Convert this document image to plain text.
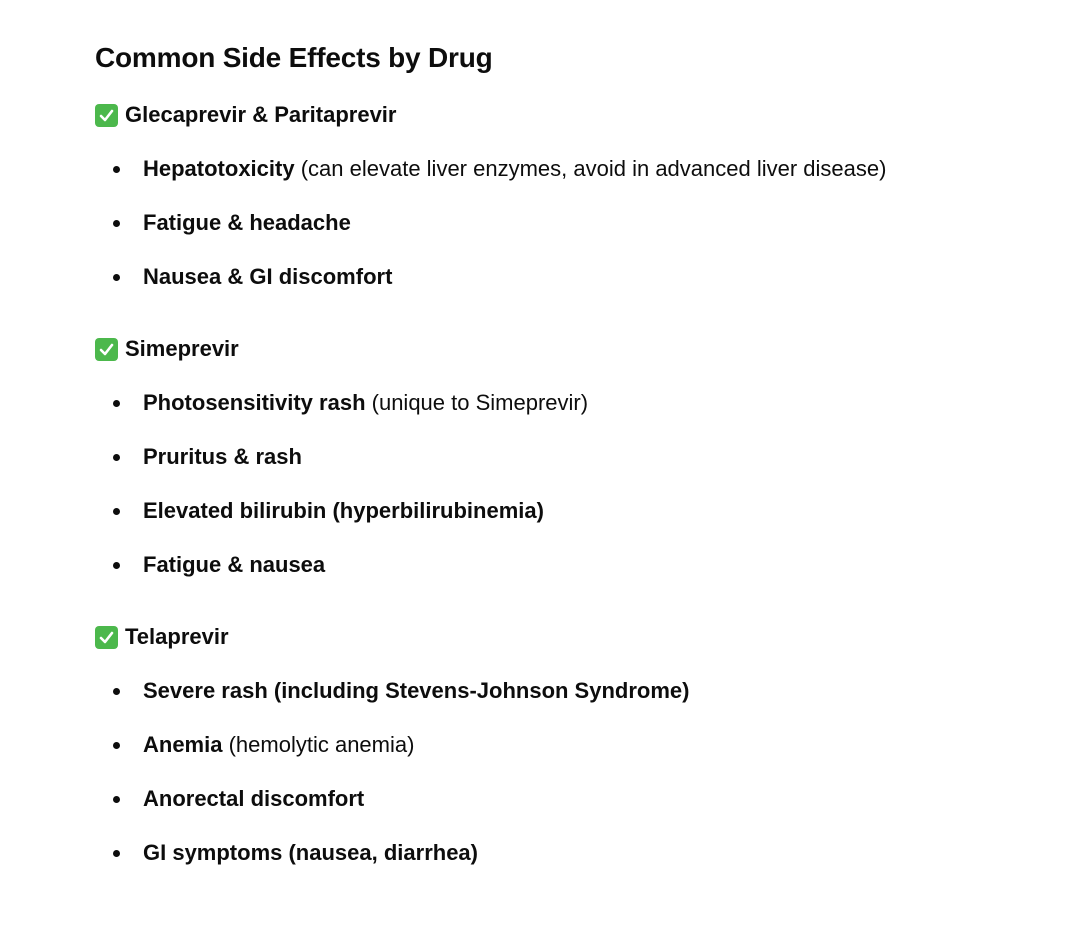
Common Side Effects by Drug
Glecaprevir & Paritaprevir
Hepatotoxicity (can elevate liver enzymes, avoid in advanced liver disease)
Fatigue & headache
Nausea & GI discomfort
Simeprevir
Photosensitivity rash (unique to Simeprevir)
Pruritus & rash
Elevated bilirubin (hyperbilirubinemia)
Fatigue & nausea
Telaprevir
Severe rash (including Stevens-Johnson Syndrome)
Anemia (hemolytic anemia)
Anorectal discomfort
GI symptoms (nausea, diarrhea)
